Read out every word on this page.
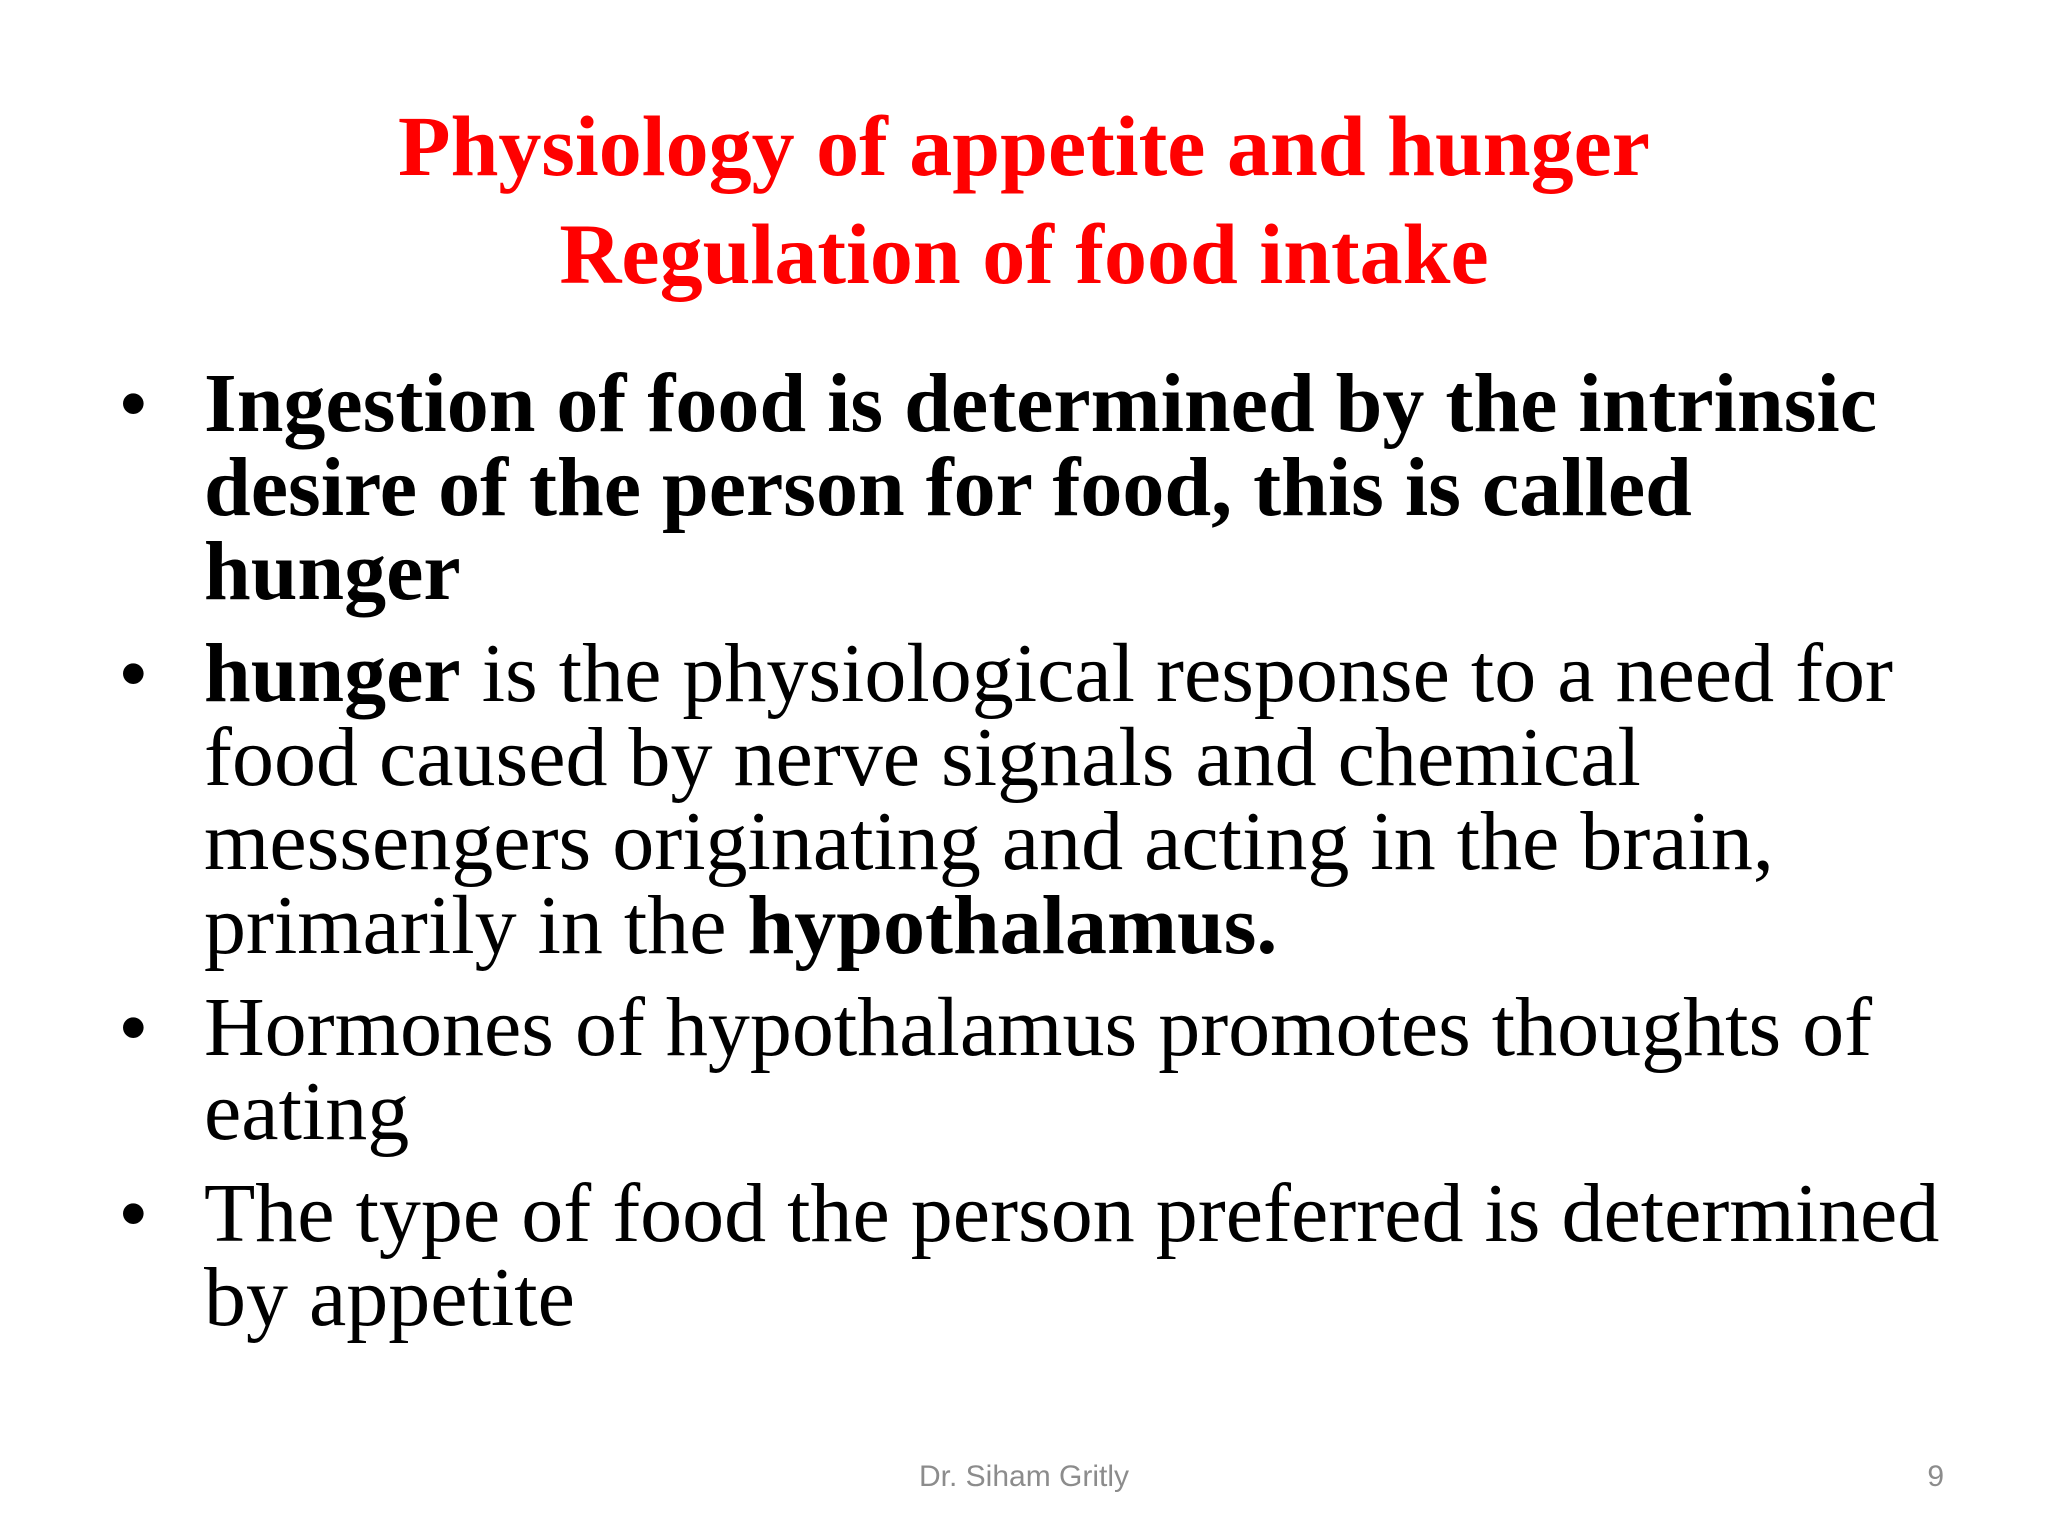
Physiology of appetite and hunger
Regulation of food intake
• Ingestion of food is determined by the intrinsic desire of the person for food, this is called hunger
• hunger is the physiological response to a need for food caused by nerve signals and chemical messengers originating and acting in the brain, primarily in the hypothalamus.
• Hormones of hypothalamus promotes thoughts of eating
• The type of food the person preferred is determined by appetite
Dr. Siham Gritly	9
